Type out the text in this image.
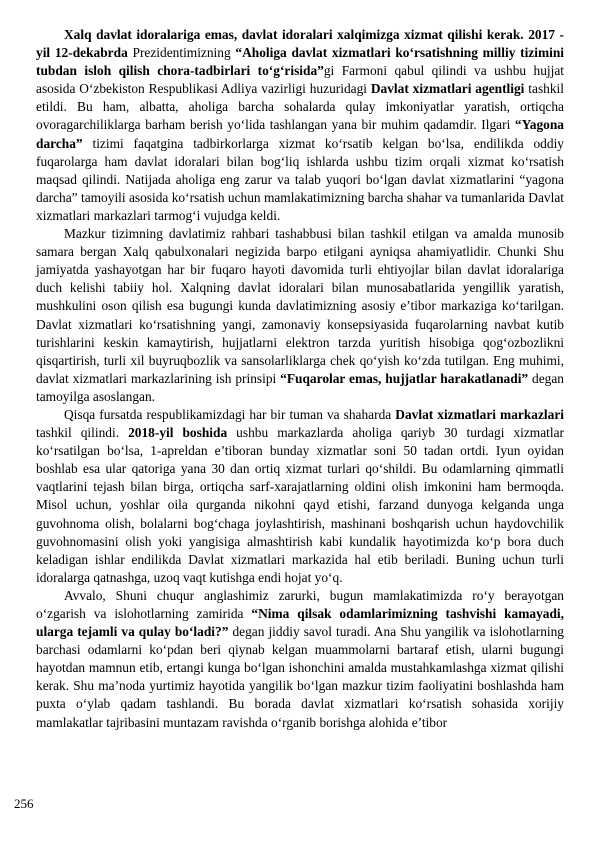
Xalq davlat idoralariga emas, davlat idoralari xalqimizga xizmat qilishi kerak. 2017 -yil 12-dekabrda Prezidentimizning “Aholiga davlat xizmatlari ko‘rsatishning milliy tizimini tubdan isloh qilish chora-tadbirlari to‘g‘risida”gi Farmoni qabul qilindi va ushbu hujjat asosida O‘zbekiston Respublikasi Adliya vazirligi huzuridagi Davlat xizmatlari agentligi tashkil etildi. Bu ham, albatta, aholiga barcha sohalarda qulay imkoniyatlar yaratish, ortiqcha ovoragarchiliklarga barham berish yo‘lida tashlangan yana bir muhim qadamdir. Ilgari “Yagona darcha” tizimi faqatgina tadbirkorlarga xizmat ko‘rsatib kelgan bo‘lsa, endilikda oddiy fuqarolarga ham davlat idoralari bilan bog‘liq ishlarda ushbu tizim orqali xizmat ko‘rsatish maqsad qilindi. Natijada aholiga eng zarur va talab yuqori bo‘lgan davlat xizmatlarini “yagona darcha” tamoyili asosida ko‘rsatish uchun mamlakatimizning barcha shahar va tumanlarida Davlat xizmatlari markazlari tarmog‘i vujudga keldi.

Mazkur tizimning davlatimiz rahbari tashabbusi bilan tashkil etilgan va amalda munosib samara bergan Xalq qabulxonalari negizida barpo etilgani ayniqsa ahamiyatlidir. Chunki Shu jamiyatda yashayotgan har bir fuqaro hayoti davomida turli ehtiyojlar bilan davlat idoralariga duch kelishi tabiiy hol. Xalqning davlat idoralari bilan munosabatlarida yengillik yaratish, mushkulini oson qilish esa bugungi kunda davlatimizning asosiy e’tibor markaziga ko‘tarilgan. Davlat xizmatlari ko‘rsatishning yangi, zamonaviy konsepsiyasida fuqarolarning navbat kutib turishlarini keskin kamaytirish, hujjatlarni elektron tarzda yuritish hisobiga qog‘ozbozlikni qisqartirish, turli xil buyruqbozlik va sansolarliklarga chek qo‘yish ko‘zda tutilgan. Eng muhimi, davlat xizmatlari markazlarining ish prinsipi “Fuqarolar emas, hujjatlar harakatlanadi” degan tamoyilga asoslangan.

Qisqa fursatda respublikamizdagi har bir tuman va shaharda Davlat xizmatlari markazlari tashkil qilindi. 2018-yil boshida ushbu markazlarda aholiga qariyb 30 turdagi xizmatlar ko‘rsatilgan bo‘lsa, 1-apreldan e’tiboran bunday xizmatlar soni 50 tadan ortdi. Iyun oyidan boshlab esa ular qatoriga yana 30 dan ortiq xizmat turlari qo‘shildi. Bu odamlarning qimmatli vaqtlarini tejash bilan birga, ortiqcha sarf-xarajatlarning oldini olish imkonini ham bermoqda. Misol uchun, yoshlar oila qurganda nikohni qayd etishi, farzand dunyoga kelganda unga guvohnoma olish, bolalarni bog‘chaga joylashtirish, mashinani boshqarish uchun haydovchilik guvohnomasini olish yoki yangisiga almashtirish kabi kundalik hayotimizda ko‘p bora duch keladigan ishlar endilikda Davlat xizmatlari markazida hal etib beriladi. Buning uchun turli idoralarga qatnashga, uzoq vaqt kutishga endi hojat yo‘q.

Avvalo, Shuni chuqur anglashimiz zarurki, bugun mamlakatimizda ro‘y berayotgan o‘zgarish va islohotlarning zamirida “Nima qilsak odamlarimizning tashvishi kamayadi, ularga tejamli va qulay bo‘ladi?” degan jiddiy savol turadi. Ana Shu yangilik va islohotlarning barchasi odamlarni ko‘pdan beri qiynab kelgan muammolarni bartaraf etish, ularni bugungi hayotdan mamnun etib, ertangi kunga bo‘lgan ishonchini amalda mustahkamlashga xizmat qilishi kerak. Shu ma’noda yurtimiz hayotida yangilik bo‘lgan mazkur tizim faoliyatini boshlashda ham puxta o‘ylab qadam tashlandi. Bu borada davlat xizmatlari ko‘rsatish sohasida xorijiy mamlakatlar tajribasini muntazam ravishda o‘rganib borishga alohida e’tibor

256
